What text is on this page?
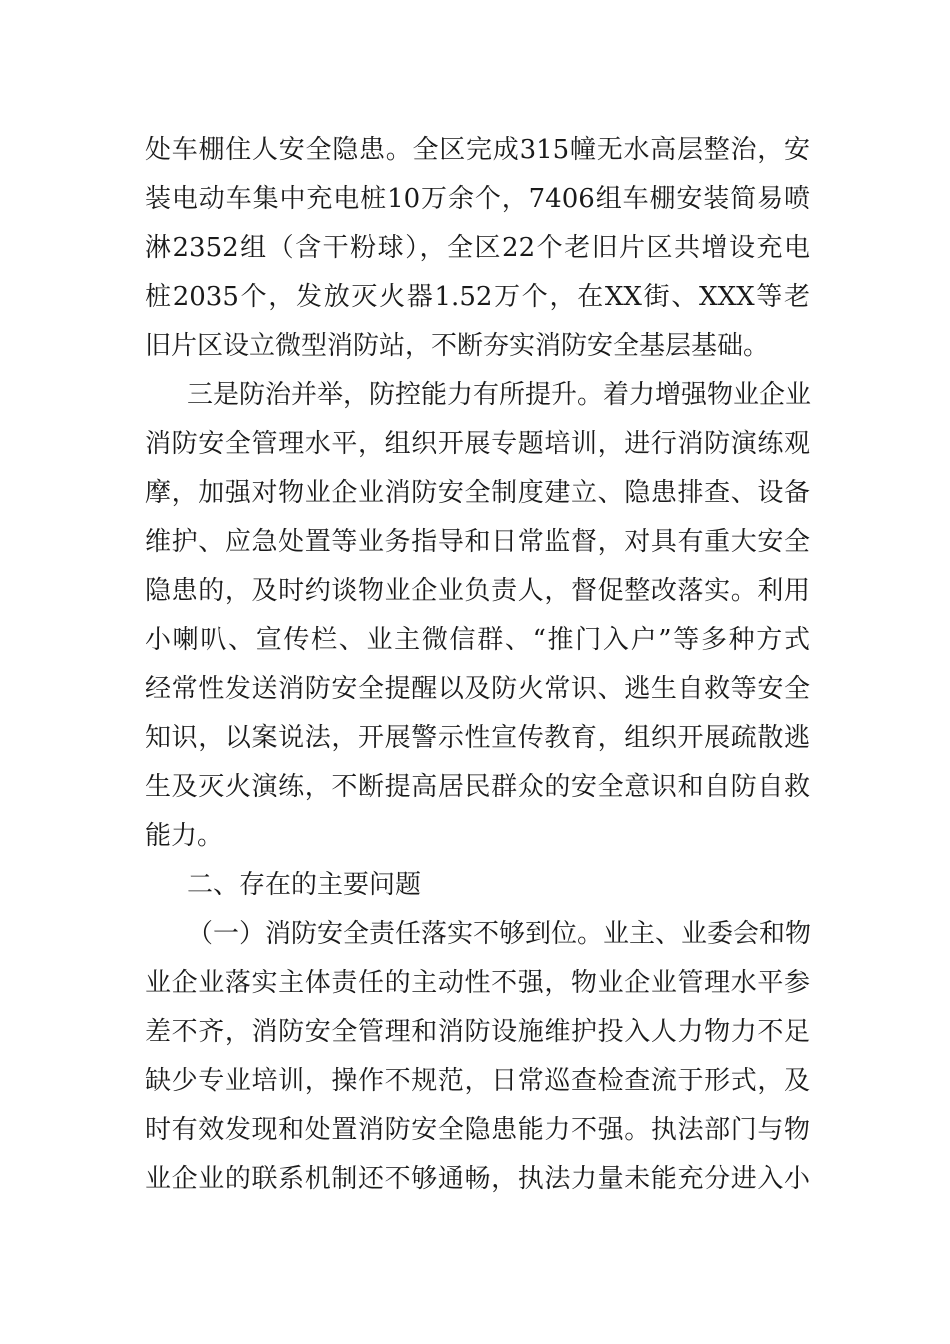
处车棚住人安全隐患。全区完成315幢无水高层整治，安
装电动车集中充电桩10万余个，7406组车棚安装简易喷
淋2352组（含干粉球），全区22个老旧片区共增设充电
桩2035个，发放灭火器1.52万个，在XX街、XXX等老
旧片区设立微型消防站，不断夯实消防安全基层基础。
三是防治并举，防控能力有所提升。着力增强物业企业
消防安全管理水平，组织开展专题培训，进行消防演练观
摩，加强对物业企业消防安全制度建立、隐患排查、设备
维护、应急处置等业务指导和日常监督，对具有重大安全
隐患的，及时约谈物业企业负责人，督促整改落实。利用
小喇叭、宣传栏、业主微信群、“推门入户”等多种方式
经常性发送消防安全提醒以及防火常识、逃生自救等安全
知识，以案说法，开展警示性宣传教育，组织开展疏散逃
生及灭火演练，不断提高居民群众的安全意识和自防自救
能力。
二、存在的主要问题
（一）消防安全责任落实不够到位。业主、业委会和物
业企业落实主体责任的主动性不强，物业企业管理水平参
差不齐，消防安全管理和消防设施维护投入人力物力不足
缺少专业培训，操作不规范，日常巡查检查流于形式，及
时有效发现和处置消防安全隐患能力不强。执法部门与物
业企业的联系机制还不够通畅，执法力量未能充分进入小
